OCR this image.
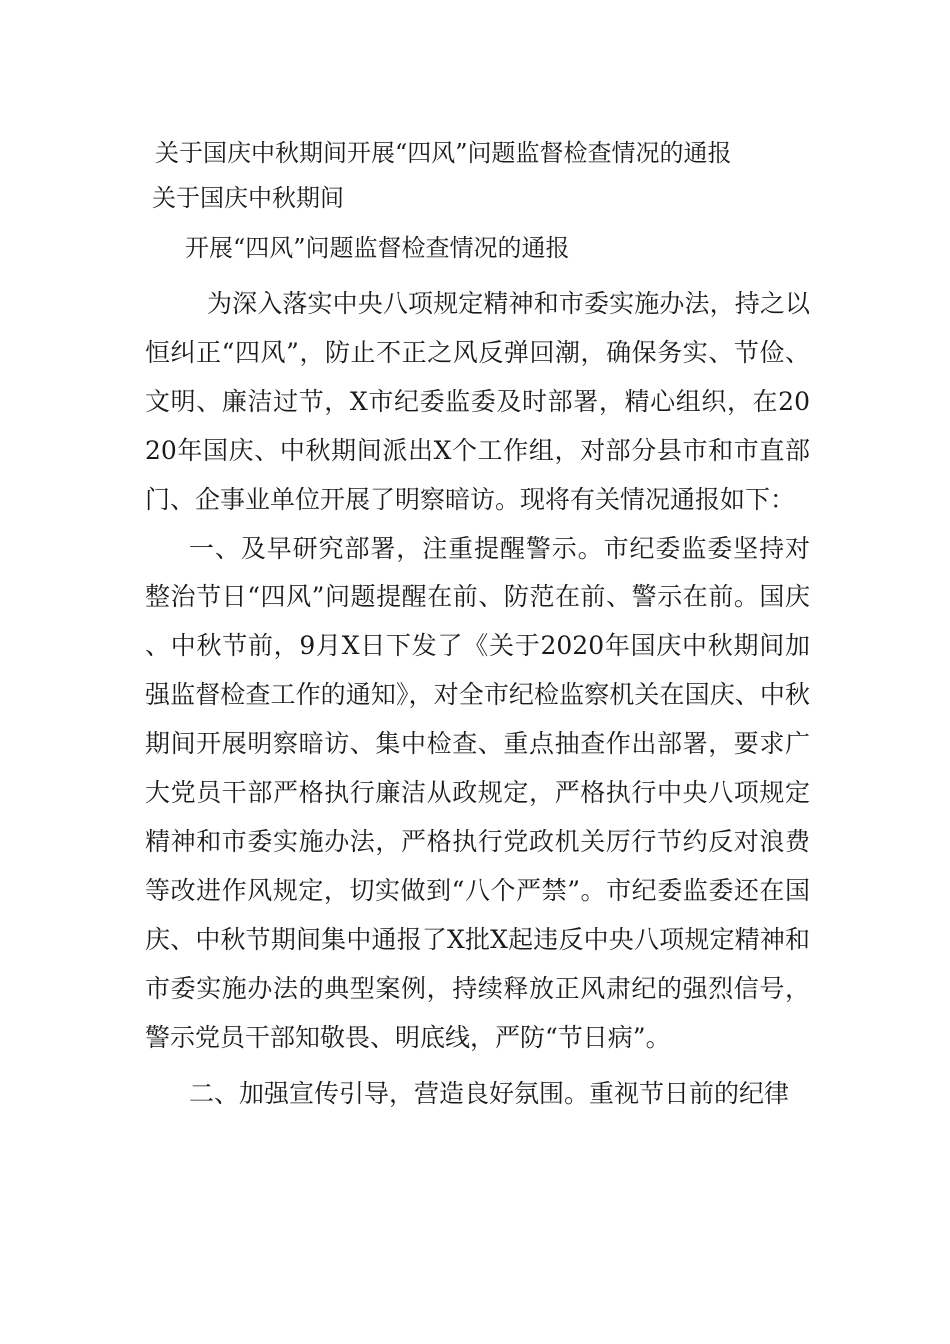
关于国庆中秋期间开展“四风”问题监督检查情况的通报
关于国庆中秋期间
开展“四风”问题监督检查情况的通报

为深入落实中央八项规定精神和市委实施办法，持之以恒纠正“四风”，防止不正之风反弹回潮，确保务实、节俭、文明、廉洁过节，X市纪委监委及时部署，精心组织，在2020年国庆、中秋期间派出X个工作组，对部分县市和市直部门、企事业单位开展了明察暗访。现将有关情况通报如下：

一、及早研究部署，注重提醒警示。市纪委监委坚持对整治节日“四风”问题提醒在前、防范在前、警示在前。国庆、中秋节前，9月X日下发了《关于2020年国庆中秋期间加强监督检查工作的通知》，对全市纪检监察机关在国庆、中秋期间开展明察暗访、集中检查、重点抽查作出部署，要求广大党员干部严格执行廉洁从政规定，严格执行中央八项规定精神和市委实施办法，严格执行党政机关厉行节约反对浪费等改进作风规定，切实做到“八个严禁”。市纪委监委还在国庆、中秋节期间集中通报了X批X起违反中央八项规定精神和市委实施办法的典型案例，持续释放正风肃纪的强烈信号，警示党员干部知敬畏、明底线，严防“节日病”。

二、加强宣传引导，营造良好氛围。重视节日前的纪律
